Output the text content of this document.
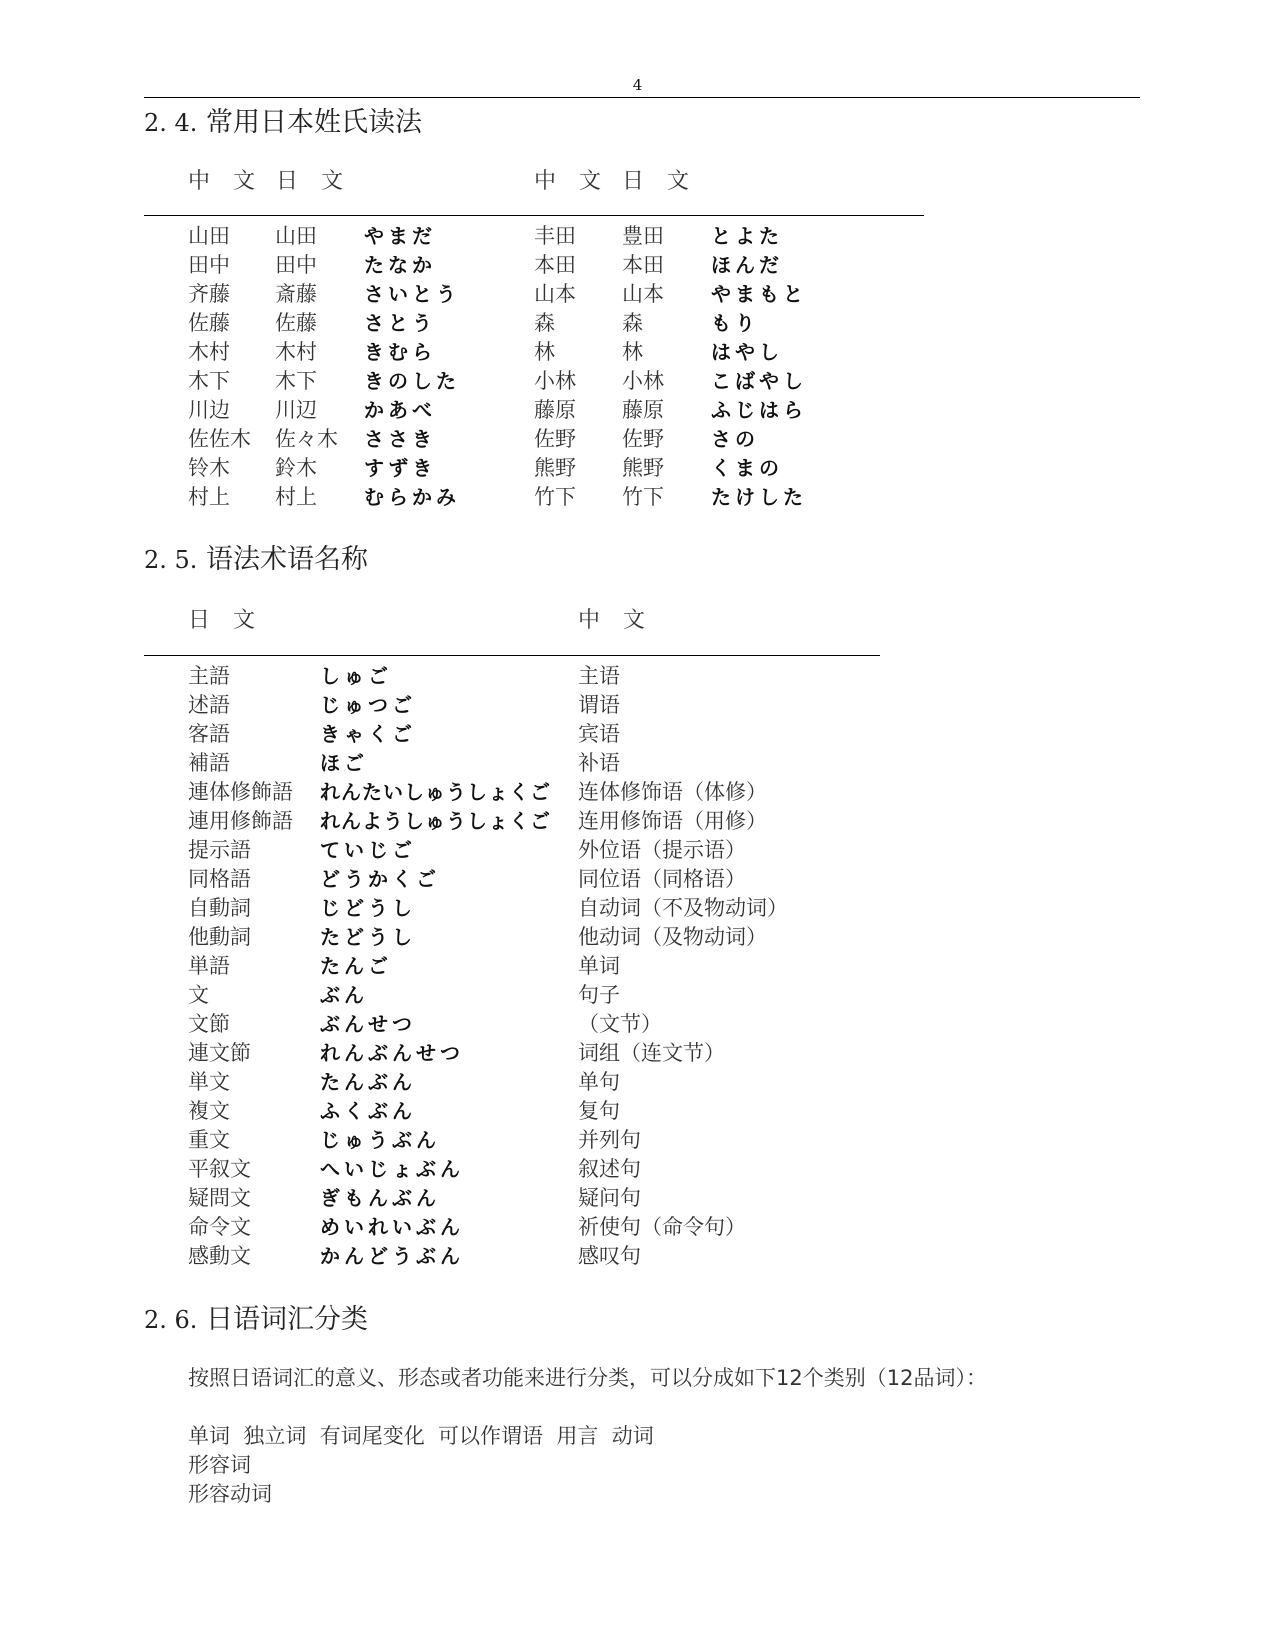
4
2. 4. 常用日本姓氏读法
中 文 日 文	中 文 日 文
山田 山田 やまだ	丰田 豊田 とよた
田中 田中 たなか	本田 本田 ほんだ
齐藤 斎藤 さいとう	山本 山本 やまもと
佐藤 佐藤 さとう	森	森	もり
木村 木村 きむら	林	林	はやし
木下 木下 きのした	小林 小林 こばやし
川边 川辺 かあべ	藤原 藤原 ふじはら
佐佐木 佐々木 ささき	佐野 佐野 さの
铃木 鈴木 すずき	熊野 熊野 くまの
村上 村上 むらかみ	竹下 竹下 たけした
2. 5. 语法术语名称
日 文	中 文
主語	しゅご	主语
述語	じゅつご	谓语
客語	きゃくご	宾语
補語	ほご	补语
連体修飾語 れんたいしゅうしょくご 连体修饰语（体修）
連用修飾語 れんようしゅうしょくご 连用修饰语（用修）
提示語	ていじご	外位语（提示语）
同格語	どうかくご	同位语（同格语）
自動詞	じどうし	自动词（不及物动词）
他動詞	たどうし	他动词（及物动词）
単語	たんご	单词
文	ぶん	句子
文節	ぶんせつ	（文节）
連文節	れんぶんせつ	词组（连文节）
単文	たんぶん	单句
複文	ふくぶん	复句
重文	じゅうぶん	并列句
平叙文	へいじょぶん	叙述句
疑問文	ぎもんぶん	疑问句
命令文	めいれいぶん	祈使句（命令句）
感動文	かんどうぶん	感叹句
2. 6. 日语词汇分类
按照日语词汇的意义、形态或者功能来进行分类，可以分成如下12个类别（12品词）：
单词  独立词  有词尾变化  可以作谓语  用言  动词
形容词
形容动词
